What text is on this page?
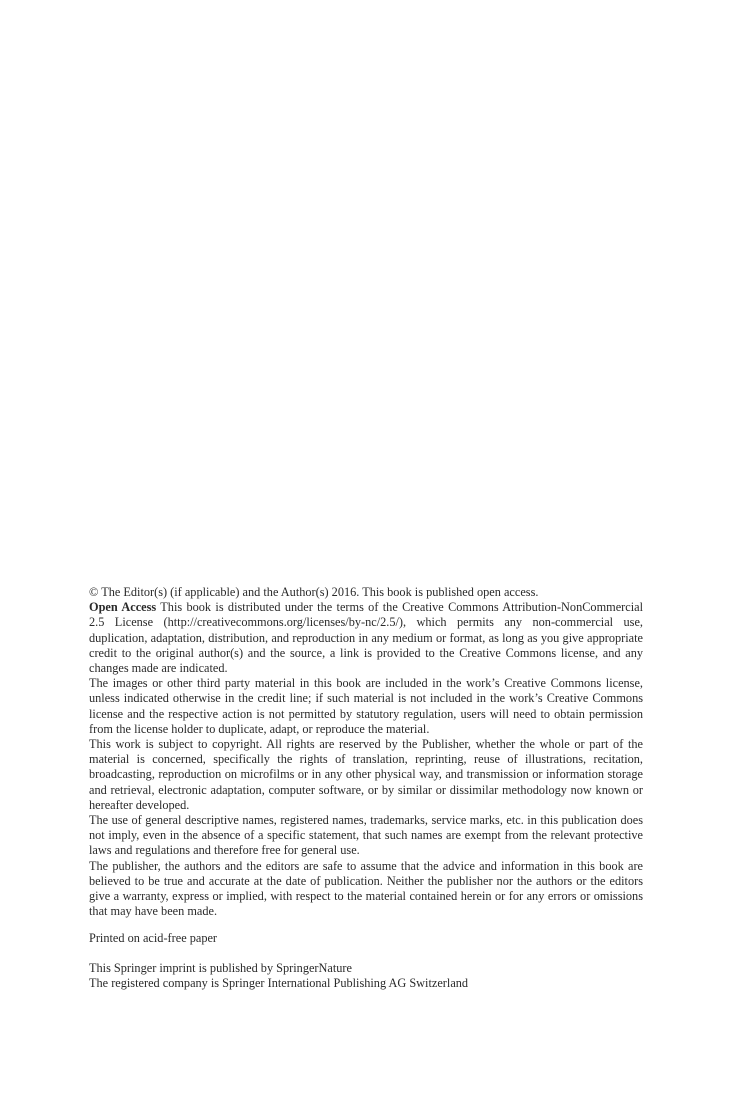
© The Editor(s) (if applicable) and the Author(s) 2016. This book is published open access.

Open Access This book is distributed under the terms of the Creative Commons Attribution-NonCommercial 2.5 License (http://creativecommons.org/licenses/by-nc/2.5/), which permits any non-commercial use, duplication, adaptation, distribution, and reproduction in any medium or format, as long as you give appropriate credit to the original author(s) and the source, a link is provided to the Creative Commons license, and any changes made are indicated.

The images or other third party material in this book are included in the work’s Creative Commons license, unless indicated otherwise in the credit line; if such material is not included in the work’s Creative Commons license and the respective action is not permitted by statutory regulation, users will need to obtain permission from the license holder to duplicate, adapt, or reproduce the material.

This work is subject to copyright. All rights are reserved by the Publisher, whether the whole or part of the material is concerned, specifically the rights of translation, reprinting, reuse of illustrations, recitation, broadcasting, reproduction on microfilms or in any other physical way, and transmission or information storage and retrieval, electronic adaptation, computer software, or by similar or dissimilar methodology now known or hereafter developed.

The use of general descriptive names, registered names, trademarks, service marks, etc. in this publication does not imply, even in the absence of a specific statement, that such names are exempt from the relevant protective laws and regulations and therefore free for general use.

The publisher, the authors and the editors are safe to assume that the advice and information in this book are believed to be true and accurate at the date of publication. Neither the publisher nor the authors or the editors give a warranty, express or implied, with respect to the material contained herein or for any errors or omissions that may have been made.

Printed on acid-free paper

This Springer imprint is published by SpringerNature

The registered company is Springer International Publishing AG Switzerland
